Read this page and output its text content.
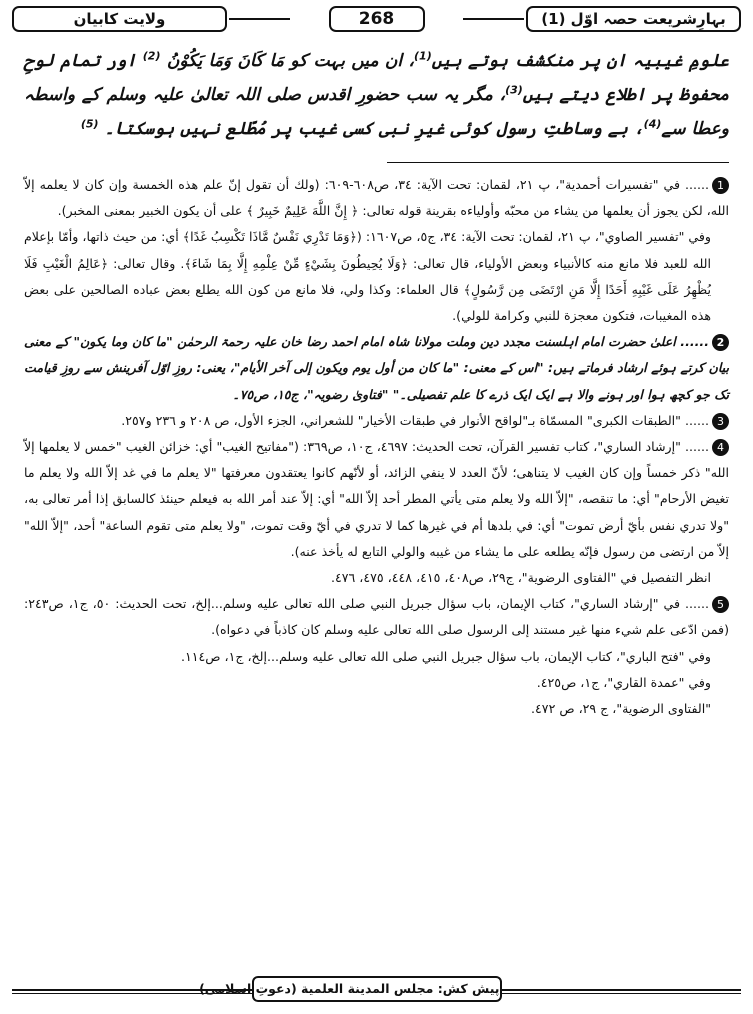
بہارِشریعت حصہ اوّل (1)
268
ولایت کابیان

علومِ غیبیہ ان پر منکشف ہوتے ہیں$^{(1)}$، ان میں بہت کو مَا کَانَ وَمَا یَکُوْنُ $^{(2)}$ اور تمام لوحِ محفوظ پر اطلاع دیتے ہیں$^{(3)}$، مگر یہ سب حضورِ اقدس صلی اللہ تعالیٰ علیہ وسلم کے واسطہ وعطا سے$^{(4)}$، بے وساطتِ رسول کوئی غیرِ نبی کسی غیب پر مُطّلع نہیں ہوسکتا۔ $^{(5)}$

1...... في "تفسيرات أحمدية"، پ ٢١، لقمان: تحت الآية: ٣٤، ص٦٠٨-٦٠٩: (ولك أن تقول إنّ علم هذه الخمسة وإن كان لا يعلمه إلاّ الله، لكن يجوز أن يعلمها من يشاء من محبّه وأولياءه بقرينة قوله تعالى: ﴿ إِنَّ اللَّهَ عَلِيمٌ خَبِيرٌ ﴾ على أن يكون الخبير بمعنى المخبر).

وفي "تفسير الصاوي"، پ ٢١، لقمان: تحت الآية: ٣٤، ج٥، ص١٦٠٧: (﴿وَمَا تَدْرِي نَفْسٌ مَّاذَا تَكْسِبُ غَدًا﴾ أي: من حيث ذاتها، وأمّا بإعلام الله للعبد فلا مانع منه كالأنبياء وبعض الأولياء، قال تعالى: ﴿وَلَا يُحِيطُونَ بِشَيْءٍ مِّنْ عِلْمِهِ إِلَّا بِمَا شَاءَ﴾. وقال تعالى: ﴿عَالِمُ الْغَيْبِ فَلَا يُظْهِرُ عَلَى غَيْبِهِ أَحَدًا إِلَّا مَنِ ارْتَضَى مِن رَّسُولٍ﴾ قال العلماء: وكذا ولي، فلا مانع من كون الله يطلع بعض عباده الصالحين على بعض هذه المغيبات، فتكون معجزة للنبي وكرامة للولي).

2...... اعلیٰ حضرت امام اہلسنت مجدد دین وملت مولانا شاہ امام احمد رضا خان علیہ رحمۃ الرحمٰن "ما کان وما یکون" کے معنی بیان کرتے ہوئے ارشاد فرماتے ہیں: "اس کے معنی: "ما كان من أول يوم ويكون إلى آخر الأيام"، یعنی: روزِ اوّل آفرینش سے روزِ قیامت تک جو کچھ ہوا اور ہونے والا ہے ایک ایک ذرے کا علم تفصیلی۔" "فتاویٰ رضویہ"، ج١٥، ص٧٥۔

3...... "الطبقات الكبرى" المسمّاة بـ"لواقح الأنوار في طبقات الأخيار" للشعراني، الجزء الأول، ص ٢٠٨ و ٢٣٦ و٢٥٧.

4...... "إرشاد الساري"، كتاب تفسير القرآن، تحت الحديث: ٤٦٩٧، ج١٠، ص٣٦٩: ("مفاتيح الغيب" أي: خزائن الغيب "خمس لا يعلمها إلاّ الله" ذكر خمساً وإن كان الغيب لا يتناهى؛ لأنّ العدد لا ينفي الزائد، أو لأنّهم كانوا يعتقدون معرفتها "لا يعلم ما في غد إلاّ الله ولا يعلم ما تغيض الأرحام" أي: ما تنقصه، "إلاّ الله ولا يعلم متى يأتي المطر أحد إلاّ الله" أي: إلاّ عند أمر الله به فيعلم حينئذ كالسابق إذا أمر تعالى به، "ولا تدري نفس بأيّ أرض تموت" أي: في بلدها أم في غيرها كما لا تدري في أيّ وقت تموت، "ولا يعلم متى تقوم الساعة" أحد، "إلاّ الله" إلاّ من ارتضى من رسول فإنّه يطلعه على ما يشاء من غيبه والولي التابع له يأخذ عنه).

انظر التفصيل في "الفتاوى الرضوية"، ج٢٩، ص٤٠٨، ٤١٥، ٤٤٨، ٤٧٥، ٤٧٦.

5...... في "إرشاد الساري"، كتاب الإيمان، باب سؤال جبريل النبي صلى الله تعالى عليه وسلم...إلخ، تحت الحديث: ٥٠، ج١، ص٢٤٣: (فمن ادّعى علم شيء منها غير مستند إلى الرسول صلى الله تعالى عليه وسلم كان كاذباً في دعواه).

وفي "فتح الباري"، كتاب الإيمان، باب سؤال جبريل النبي صلى الله تعالى عليه وسلم...إلخ، ج١، ص١١٤.

وفي "عمدة القاري"، ج١، ص٤٢٥.

"الفتاوى الرضوية"، ج ٢٩، ص ٤٧٢.

پیش کش: مجلس المدينة العلمية (دعوتِ اسلامی)
